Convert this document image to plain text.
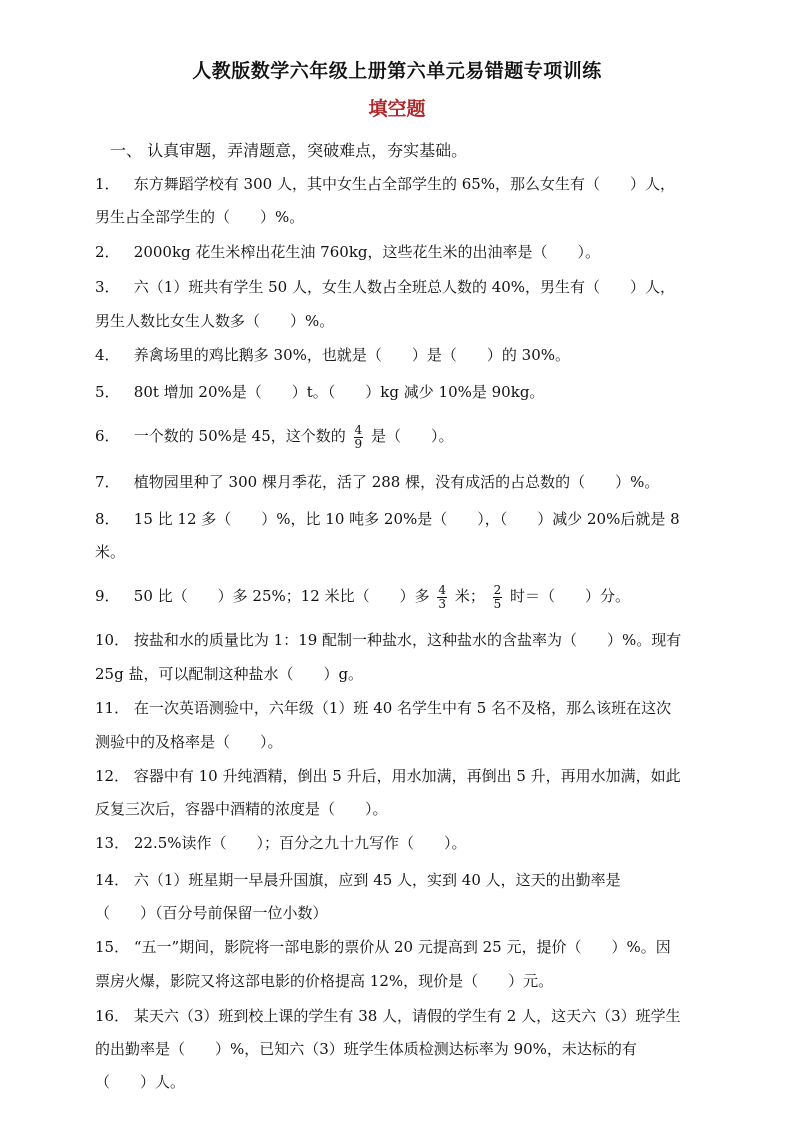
人教版数学六年级上册第六单元易错题专项训练
填空题
一、 认真审题，弄清题意，突破难点，夯实基础。
1． 东方舞蹈学校有 300 人，其中女生占全部学生的 65%，那么女生有（　　）人，
男生占全部学生的（　　）%。
2． 2000kg 花生米榨出花生油 760kg，这些花生米的出油率是（　　）。
3． 六（1）班共有学生 50 人，女生人数占全班总人数的 40%，男生有（　　）人，
男生人数比女生人数多（　　）%。
4． 养禽场里的鸡比鹅多 30%，也就是（　　）是（　　）的 30%。
5． 80t 增加 20%是（　　）t。（　　）kg 减少 10%是 90kg。
6． 一个数的 50%是 45，这个数的 $\frac{4}{9}$ 是（　　）。
7． 植物园里种了 300 棵月季花，活了 288 棵，没有成活的占总数的（　　）%。
8． 15 比 12 多（　　）%，比 10 吨多 20%是（　　），（　　）减少 20%后就是 8
米。
9． 50 比（　　）多 25%；12 米比（　　）多 $\frac{4}{3}$ 米； $\frac{2}{5}$ 时＝（　　）分。
10． 按盐和水的质量比为 1：19 配制一种盐水，这种盐水的含盐率为（　　）%。现有
25g 盐，可以配制这种盐水（　　）g。
11． 在一次英语测验中，六年级（1）班 40 名学生中有 5 名不及格，那么该班在这次
测验中的及格率是（　　）。
12． 容器中有 10 升纯酒精，倒出 5 升后，用水加满，再倒出 5 升，再用水加满，如此
反复三次后，容器中酒精的浓度是（　　）。
13． 22.5%读作（　　）；百分之九十九写作（　　）。
14． 六（1）班星期一早晨升国旗，应到 45 人，实到 40 人，这天的出勤率是
（　　）（百分号前保留一位小数）
15． “五一”期间，影院将一部电影的票价从 20 元提高到 25 元，提价（　　）%。因
票房火爆，影院又将这部电影的价格提高 12%，现价是（　　）元。
16． 某天六（3）班到校上课的学生有 38 人，请假的学生有 2 人，这天六（3）班学生
的出勤率是（　　）%，已知六（3）班学生体质检测达标率为 90%，未达标的有
（　　）人。
